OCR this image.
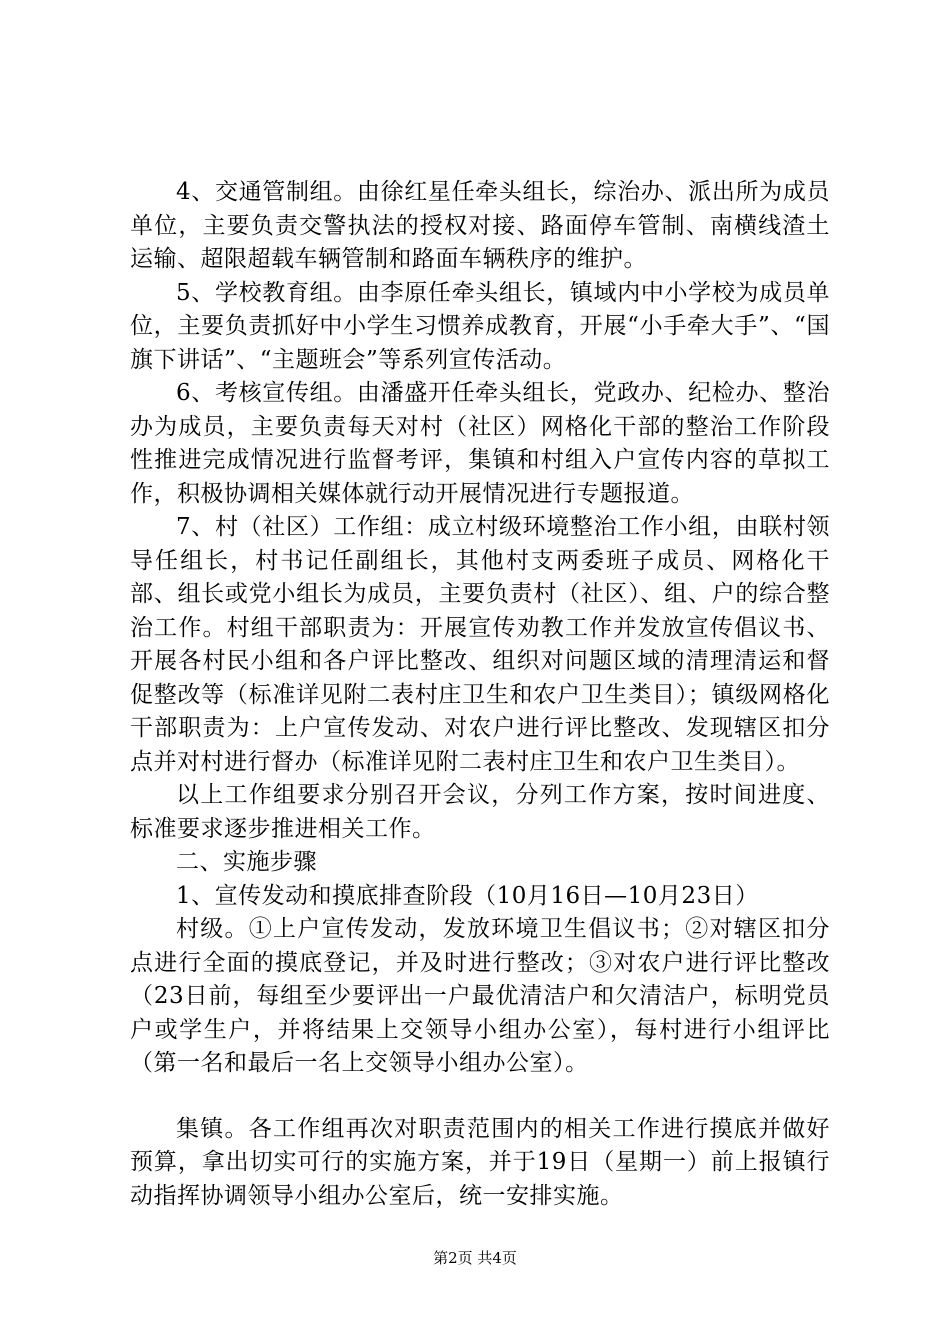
4、交通管制组。由徐红星任牵头组长，综治办、派出所为成员单位，主要负责交警执法的授权对接、路面停车管制、南横线渣土运输、超限超载车辆管制和路面车辆秩序的维护。

5、学校教育组。由李原任牵头组长，镇域内中小学校为成员单位，主要负责抓好中小学生习惯养成教育，开展“小手牵大手”、“国旗下讲话”、“主题班会”等系列宣传活动。

6、考核宣传组。由潘盛开任牵头组长，党政办、纪检办、整治办为成员，主要负责每天对村（社区）网格化干部的整治工作阶段性推进完成情况进行监督考评，集镇和村组入户宣传内容的草拟工作，积极协调相关媒体就行动开展情况进行专题报道。

7、村（社区）工作组：成立村级环境整治工作小组，由联村领导任组长，村书记任副组长，其他村支两委班子成员、网格化干部、组长或党小组长为成员，主要负责村（社区）、组、户的综合整治工作。村组干部职责为：开展宣传劝教工作并发放宣传倡议书、开展各村民小组和各户评比整改、组织对问题区域的清理清运和督促整改等（标准详见附二表村庄卫生和农户卫生类目）；镇级网格化干部职责为：上户宣传发动、对农户进行评比整改、发现辖区扣分点并对村进行督办（标准详见附二表村庄卫生和农户卫生类目）。

以上工作组要求分别召开会议，分列工作方案，按时间进度、标准要求逐步推进相关工作。

二、实施步骤

1、宣传发动和摸底排查阶段（10月16日—10月23日）

村级。①上户宣传发动，发放环境卫生倡议书；②对辖区扣分点进行全面的摸底登记，并及时进行整改；③对农户进行评比整改（23日前，每组至少要评出一户最优清洁户和欠清洁户，标明党员户或学生户，并将结果上交领导小组办公室），每村进行小组评比（第一名和最后一名上交领导小组办公室）。

集镇。各工作组再次对职责范围内的相关工作进行摸底并做好预算，拿出切实可行的实施方案，并于19日（星期一）前上报镇行动指挥协调领导小组办公室后，统一安排实施。

第2页 共4页
